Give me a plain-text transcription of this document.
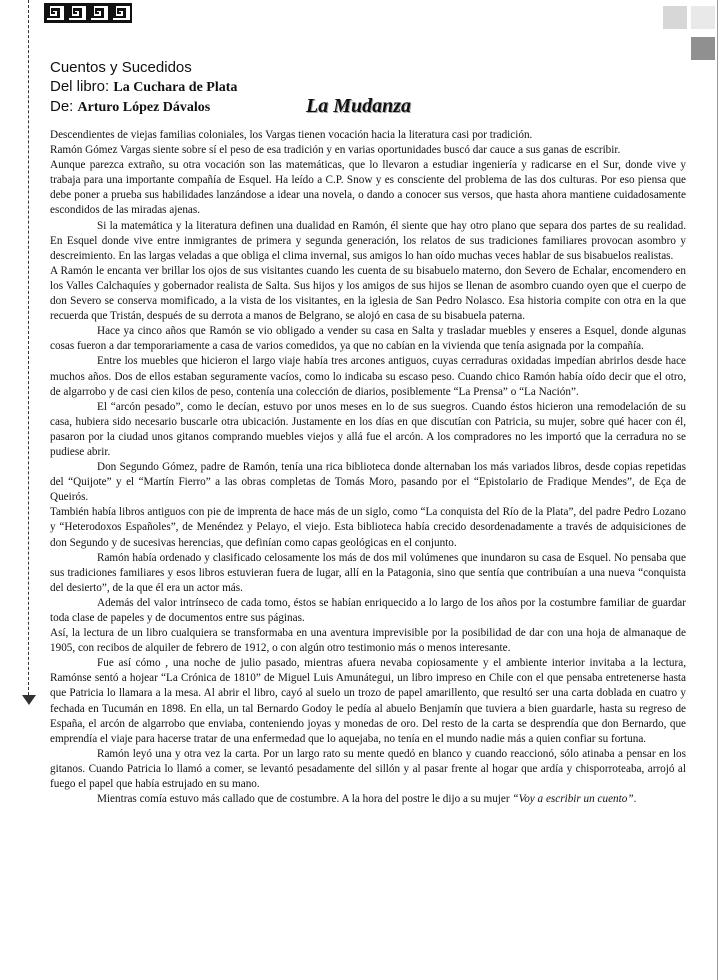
Cuentos y Sucedidos
Del libro: La Cuchara de Plata
De: Arturo López Dávalos	La Mudanza

Descendientes de viejas familias coloniales, los Vargas tienen vocación hacia la literatura casi por tradición.

Ramón Gómez Vargas siente sobre sí el peso de esa tradición y en varias oportunidades buscó dar cauce a sus ganas de escribir.

Aunque parezca extraño, su otra vocación son las matemáticas, que lo llevaron a estudiar ingeniería y radicarse en el Sur, donde vive y trabaja para una importante compañía de Esquel. Ha leído a C.P. Snow y es consciente del problema de las dos culturas. Por eso piensa que debe poner a prueba sus habilidades lanzándose a idear una novela, o dando a conocer sus versos, que hasta ahora mantiene cuidadosamente escondidos de las miradas ajenas.

Si la matemática y la literatura definen una dualidad en Ramón, él siente que hay otro plano que separa dos partes de su realidad. En Esquel donde vive entre inmigrantes de primera y segunda generación, los relatos de sus tradiciones familiares provocan asombro y descreimiento. En las largas veladas a que obliga el clima invernal, sus amigos lo han oído muchas veces hablar de sus bisabuelos realistas.

A Ramón le encanta ver brillar los ojos de sus visitantes cuando les cuenta de su bisabuelo materno, don Severo de Echalar, encomendero en los Valles Calchaquíes y gobernador realista de Salta. Sus hijos y los amigos de sus hijos se llenan de asombro cuando oyen que el cuerpo de don Severo se conserva momificado, a la vista de los visitantes, en la iglesia de San Pedro Nolasco. Esa historia compite con otra en la que recuerda que Tristán, después de su derrota a manos de Belgrano, se alojó en casa de su bisabuela paterna.

Hace ya cinco años que Ramón se vio obligado a vender su casa en Salta y trasladar muebles y enseres a Esquel, donde algunas cosas fueron a dar temporariamente a casa de varios comedidos, ya que no cabían en la vivienda que tenía asignada por la compañía.

Entre los muebles que hicieron el largo viaje había tres arcones antiguos, cuyas cerraduras oxidadas impedían abrirlos desde hace muchos años. Dos de ellos estaban seguramente vacíos, como lo indicaba su escaso peso. Cuando chico Ramón había oído decir que el otro, de algarrobo y de casi cien kilos de peso, contenía una colección de diarios, posiblemente “La Prensa” o “La Nación”.

El “arcón pesado”, como le decían, estuvo por unos meses en lo de sus suegros. Cuando éstos hicieron una remodelación de su casa, hubiera sido necesario buscarle otra ubicación. Justamente en los días en que discutían con Patricia, su mujer, sobre qué hacer con él, pasaron por la ciudad unos gitanos comprando muebles viejos y allá fue el arcón. A los compradores no les importó que la cerradura no se pudiese abrir.

Don Segundo Gómez, padre de Ramón, tenía una rica biblioteca donde alternaban los más variados libros, desde copias repetidas del “Quijote” y el “Martín Fierro” a las obras completas de Tomás Moro, pasando por el “Epistolario de Fradique Mendes”, de Eça de Queirós.

También había libros antiguos con pie de imprenta de hace más de un siglo, como “La conquista del Río de la Plata”, del padre Pedro Lozano y “Heterodoxos Españoles”, de Menéndez y Pelayo, el viejo. Esta biblioteca había crecido desordenadamente a través de adquisiciones de don Segundo y de sucesivas herencias, que definían como capas geológicas en el conjunto.

Ramón había ordenado y clasificado celosamente los más de dos mil volúmenes que inundaron su casa de Esquel. No pensaba que sus tradiciones familiares y esos libros estuvieran fuera de lugar, allí en la Patagonia, sino que sentía que contribuían a una nueva “conquista del desierto”, de la que él era un actor más.

Además del valor intrínseco de cada tomo, éstos se habían enriquecido a lo largo de los años por la costumbre familiar de guardar toda clase de papeles y de documentos entre sus páginas.

Así, la lectura de un libro cualquiera se transformaba en una aventura imprevisible por la posibilidad de dar con una hoja de almanaque de 1905, con recibos de alquiler de febrero de 1912, o con algún otro testimonio más o menos interesante.

Fue así cómo , una noche de julio pasado, mientras afuera nevaba copiosamente y el ambiente interior invitaba a la lectura, Ramónse sentó a hojear “La Crónica de 1810” de Miguel Luis Amunátegui, un libro impreso en Chile con el que pensaba entretenerse hasta que Patricia lo llamara a la mesa. Al abrir el libro, cayó al suelo un trozo de papel amarillento, que resultó ser una carta doblada en cuatro y fechada en Tucumán en 1898. En ella, un tal Bernardo Godoy le pedía al abuelo Benjamín que tuviera a bien guardarle, hasta su regreso de España, el arcón de algarrobo que enviaba, conteniendo joyas y monedas de oro. Del resto de la carta se desprendía que don Bernardo, que emprendía el viaje para hacerse tratar de una enfermedad que lo aquejaba, no tenía en el mundo nadie más a quien confiar su fortuna.

Ramón leyó una y otra vez la carta. Por un largo rato su mente quedó en blanco y cuando reaccionó, sólo atinaba a pensar en los gitanos. Cuando Patricia lo llamó a comer, se levantó pesadamente del sillón y al pasar frente al hogar que ardía y chisporroteaba, arrojó al fuego el papel que había estrujado en su mano.

Mientras comía estuvo más callado que de costumbre. A la hora del postre le dijo a su mujer “Voy a escribir un cuento”.
